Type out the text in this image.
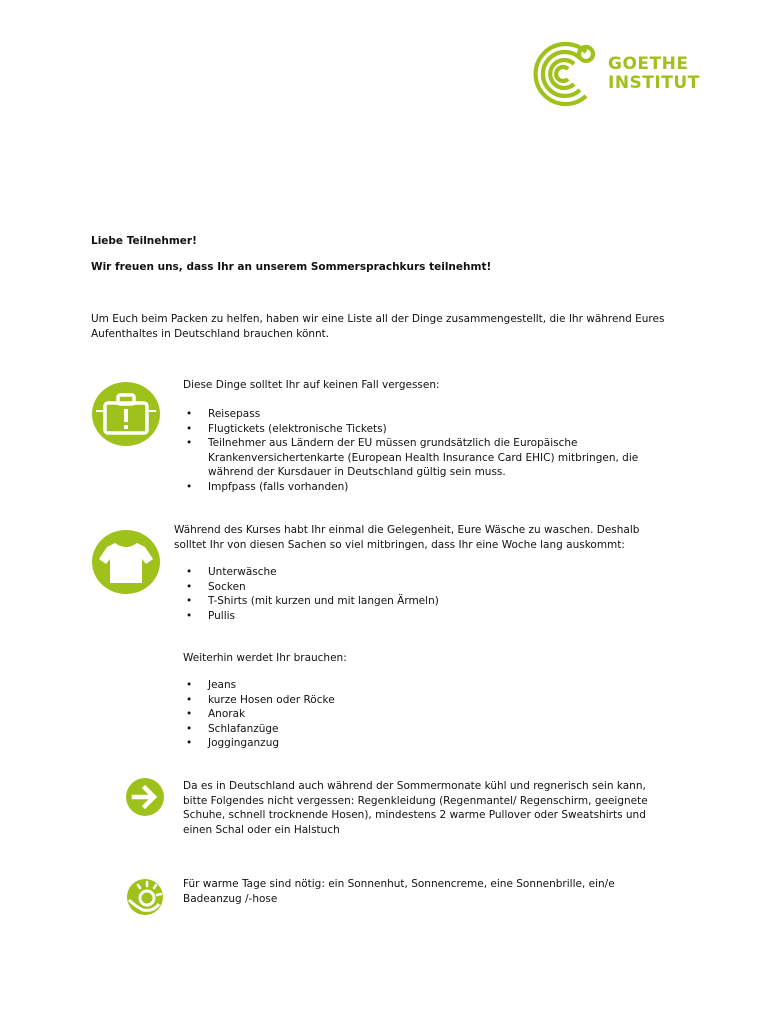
GOETHE
INSTITUT
Liebe Teilnehmer!
Wir freuen uns, dass Ihr an unserem Sommersprachkurs teilnehmt!
Um Euch beim Packen zu helfen, haben wir eine Liste all der Dinge zusammengestellt, die Ihr während Eures Aufenthaltes in Deutschland brauchen könnt.
Diese Dinge solltet Ihr auf keinen Fall vergessen:
• Reisepass
• Flugtickets (elektronische Tickets)
• Teilnehmer aus Ländern der EU müssen grundsätzlich die Europäische Krankenversichertenkarte (European Health Insurance Card EHIC) mitbringen, die während der Kursdauer in Deutschland gültig sein muss.
• Impfpass (falls vorhanden)
Während des Kurses habt Ihr einmal die Gelegenheit, Eure Wäsche zu waschen. Deshalb solltet Ihr von diesen Sachen so viel mitbringen, dass Ihr eine Woche lang auskommt:
• Unterwäsche
• Socken
• T-Shirts (mit kurzen und mit langen Ärmeln)
• Pullis
Weiterhin werdet Ihr brauchen:
• Jeans
• kurze Hosen oder Röcke
• Anorak
• Schlafanzüge
• Jogginganzug
Da es in Deutschland auch während der Sommermonate kühl und regnerisch sein kann, bitte Folgendes nicht vergessen: Regenkleidung (Regenmantel/ Regenschirm, geeignete Schuhe, schnell trocknende Hosen), mindestens 2 warme Pullover oder Sweatshirts und einen Schal oder ein Halstuch
Für warme Tage sind nötig: ein Sonnenhut, Sonnencreme, eine Sonnenbrille, ein/e Badeanzug /-hose
